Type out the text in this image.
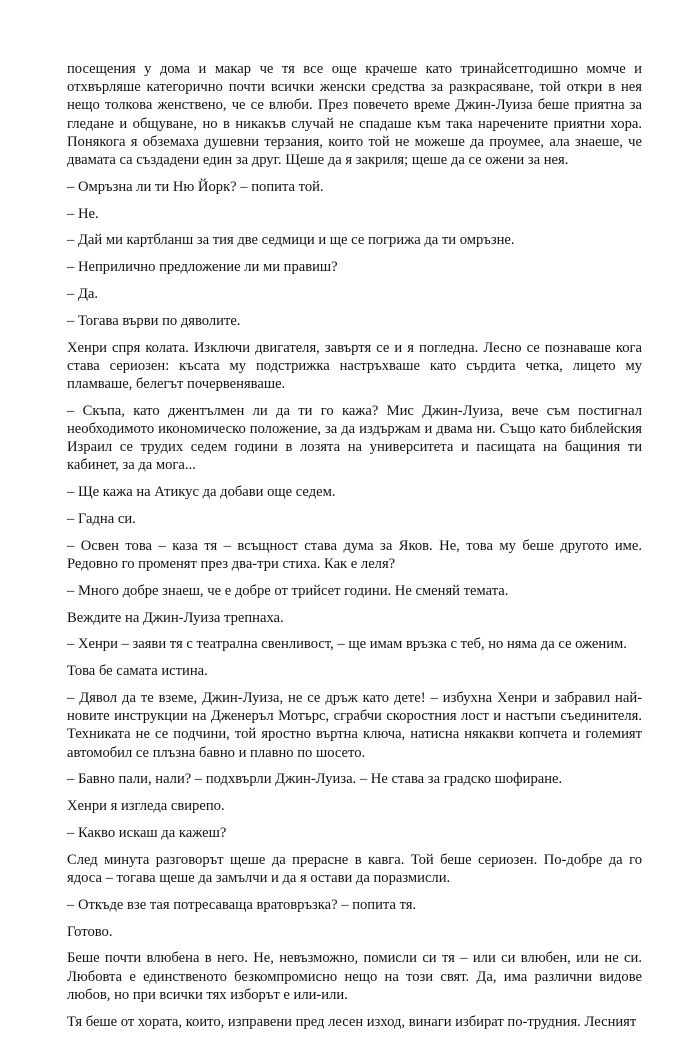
посещения у дома и макар че тя все още крачеше като тринайсетгодишно момче и отхвърляше категорично почти всички женски средства за разкрасяване, той откри в нея нещо толкова женствено, че се влюби. През повечето време Джин-Луиза беше приятна за гледане и общуване, но в никакъв случай не спадаше към така наречените приятни хора. Понякога я обземаха душевни терзания, които той не можеше да проумее, ала знаеше, че двамата са създадени един за друг. Щеше да я закриля; щеше да се ожени за нея.

– Омръзна ли ти Ню Йорк? – попита той.

– Не.

– Дай ми картбланш за тия две седмици и ще се погрижа да ти омръзне.

– Неприлично предложение ли ми правиш?

– Да.

– Тогава върви по дяволите.

Хенри спря колата. Изключи двигателя, завъртя се и я погледна. Лесно се познаваше кога става сериозен: късата му подстрижка настръхваше като сърдита четка, лицето му пламваше, белегът почервеняваше.

– Скъпа, като джентълмен ли да ти го кажа? Мис Джин-Луиза, вече съм постигнал необходимото икономическо положение, за да издържам и двама ни. Също като библейския Израил се трудих седем години в лозята на университета и пасищата на бащиния ти кабинет, за да мога...

– Ще кажа на Атикус да добави още седем.

– Гадна си.

– Освен това – каза тя – всъщност става дума за Яков. Не, това му беше другото име. Редовно го променят през два-три стиха. Как е леля?

– Много добре знаеш, че е добре от трийсет години. Не сменяй темата.

Веждите на Джин-Луиза трепнаха.

– Хенри – заяви тя с театрална свенливост, – ще имам връзка с теб, но няма да се оженим.

Това бе самата истина.

– Дявол да те вземе, Джин-Луиза, не се дръж като дете! – избухна Хенри и забравил най-новите инструкции на Дженеръл Мотърс, сграбчи скоростния лост и настъпи съединителя. Техниката не се подчини, той яростно въртна ключа, натисна някакви копчета и големият автомобил се плъзна бавно и плавно по шосето.

– Бавно пали, нали? – подхвърли Джин-Луиза. – Не става за градско шофиране.

Хенри я изгледа свирепо.

– Какво искаш да кажеш?

След минута разговорът щеше да прерасне в кавга. Той беше сериозен. По-добре да го ядоса – тогава щеше да замълчи и да я остави да поразмисли.

– Откъде взе тая потресаваща вратовръзка? – попита тя.

Готово.

Беше почти влюбена в него. Не, невъзможно, помисли си тя – или си влюбен, или не си. Любовта е единственото безкомпромисно нещо на този свят. Да, има различни видове любов, но при всички тях изборът е или-или.

Тя беше от хората, които, изправени пред лесен изход, винаги избират по-трудния. Лесният
